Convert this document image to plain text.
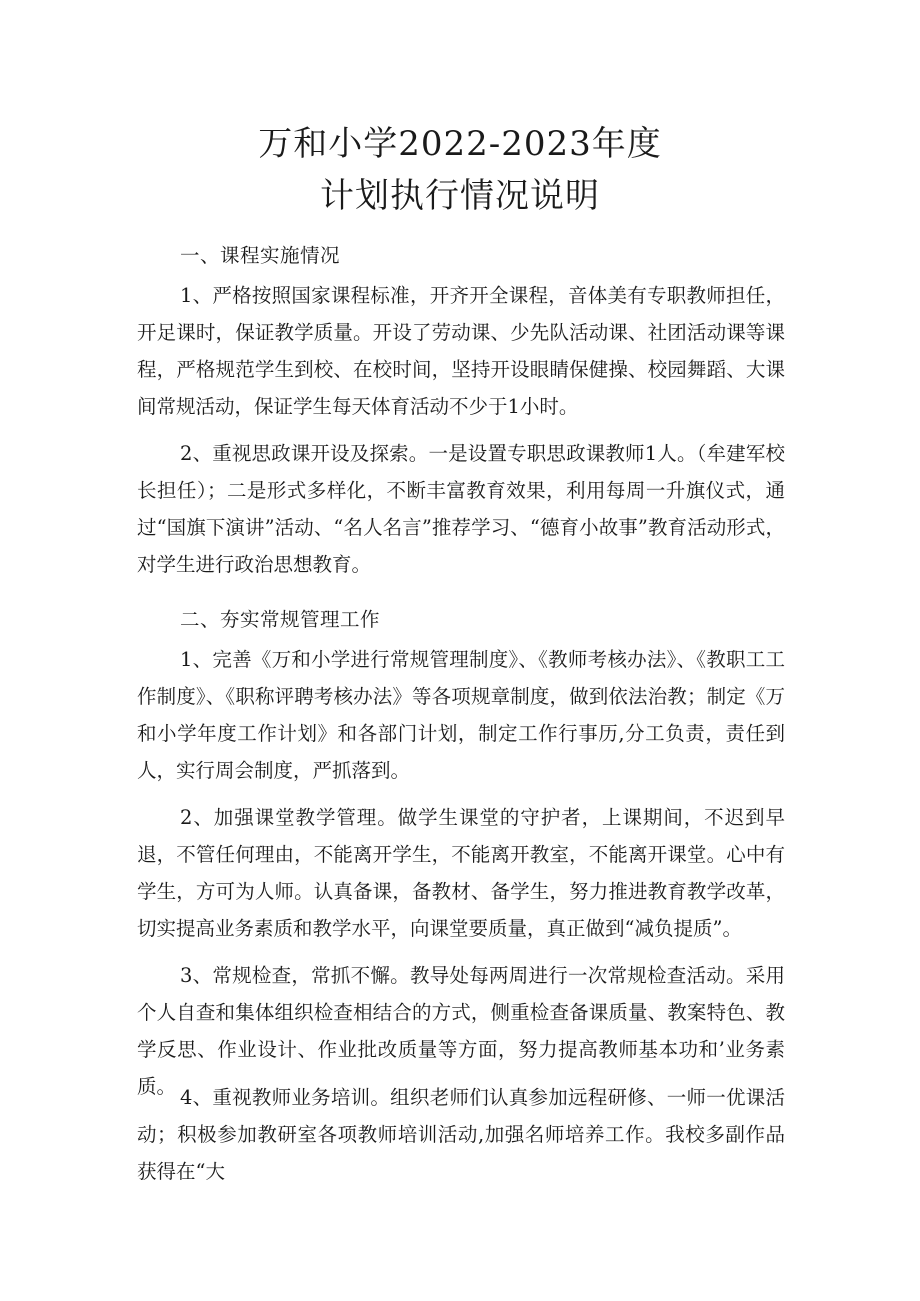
万和小学2022-2023年度
计划执行情况说明
一、课程实施情况

1、严格按照国家课程标准，开齐开全课程，音体美有专职教师担任，开足课时，保证教学质量。开设了劳动课、少先队活动课、社团活动课等课程，严格规范学生到校、在校时间，坚持开设眼睛保健操、校园舞蹈、大课间常规活动，保证学生每天体育活动不少于1小时。

2、重视思政课开设及探索。一是设置专职思政课教师1人。（牟建军校长担任）；二是形式多样化，不断丰富教育效果，利用每周一升旗仪式，通过“国旗下演讲”活动、“名人名言”推荐学习、“德育小故事”教育活动形式，对学生进行政治思想教育。

二、夯实常规管理工作

1、完善《万和小学进行常规管理制度》、《教师考核办法》、《教职工工作制度》、《职称评聘考核办法》等各项规章制度，做到依法治教；制定《万和小学年度工作计划》和各部门计划，制定工作行事历,分工负责，责任到人，实行周会制度，严抓落到。

2、加强课堂教学管理。做学生课堂的守护者，上课期间，不迟到早退，不管任何理由，不能离开学生，不能离开教室，不能离开课堂。心中有学生，方可为人师。认真备课，备教材、备学生，努力推进教育教学改革，切实提高业务素质和教学水平，向课堂要质量，真正做到“减负提质”。

3、常规检查，常抓不懈。教导处每两周进行一次常规检查活动。采用个人自查和集体组织检查相结合的方式，侧重检查备课质量、教案特色、教学反思、作业设计、作业批改质量等方面，努力提高教师基本功和’业务素质。 4、重视教师业务培训。组织老师们认真参加远程研修、一师一优课活动；积极参加教研室各项教师培训活动,加强名师培养工作。我校多副作品获得在“大
